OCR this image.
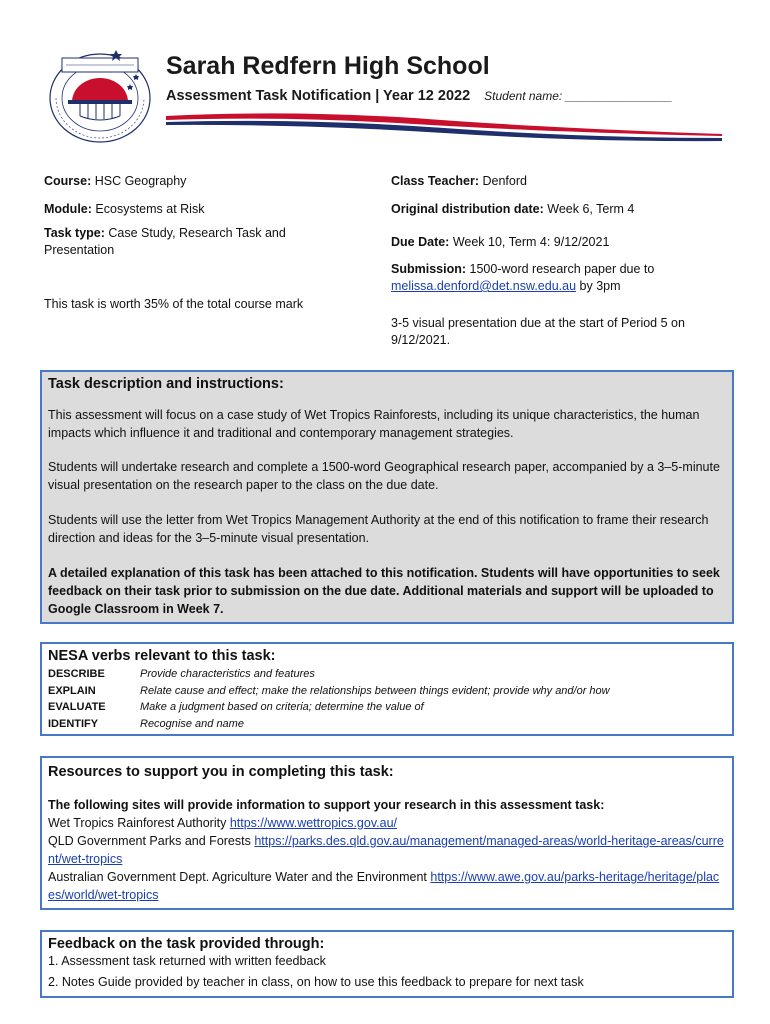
Sarah Redfern High School
Assessment Task Notification | Year 12 2022 Student name: ________________
Course: HSC Geography
Module: Ecosystems at Risk
Task type: Case Study, Research Task and Presentation
This task is worth 35% of the total course mark
Class Teacher: Denford
Original distribution date: Week 6, Term 4
Due Date: Week 10, Term 4: 9/12/2021
Submission: 1500-word research paper due to melissa.denford@det.nsw.edu.au by 3pm
3-5 visual presentation due at the start of Period 5 on 9/12/2021.
Task description and instructions:
This assessment will focus on a case study of Wet Tropics Rainforests, including its unique characteristics, the human impacts which influence it and traditional and contemporary management strategies.
Students will undertake research and complete a 1500-word Geographical research paper, accompanied by a 3–5-minute visual presentation on the research paper to the class on the due date.
Students will use the letter from Wet Tropics Management Authority at the end of this notification to frame their research direction and ideas for the 3–5-minute visual presentation.
A detailed explanation of this task has been attached to this notification. Students will have opportunities to seek feedback on their task prior to submission on the due date. Additional materials and support will be uploaded to Google Classroom in Week 7.
NESA verbs relevant to this task:
DESCRIBE	Provide characteristics and features
EXPLAIN	Relate cause and effect; make the relationships between things evident; provide why and/or how
EVALUATE	Make a judgment based on criteria; determine the value of
IDENTIFY	Recognise and name
Resources to support you in completing this task:
The following sites will provide information to support your research in this assessment task:
Wet Tropics Rainforest Authority https://www.wettropics.gov.au/
QLD Government Parks and Forests https://parks.des.qld.gov.au/management/managed-areas/world-heritage-areas/current/wet-tropics
Australian Government Dept. Agriculture Water and the Environment https://www.awe.gov.au/parks-heritage/heritage/places/world/wet-tropics
Feedback on the task provided through:
1. Assessment task returned with written feedback
2. Notes Guide provided by teacher in class, on how to use this feedback to prepare for next task
